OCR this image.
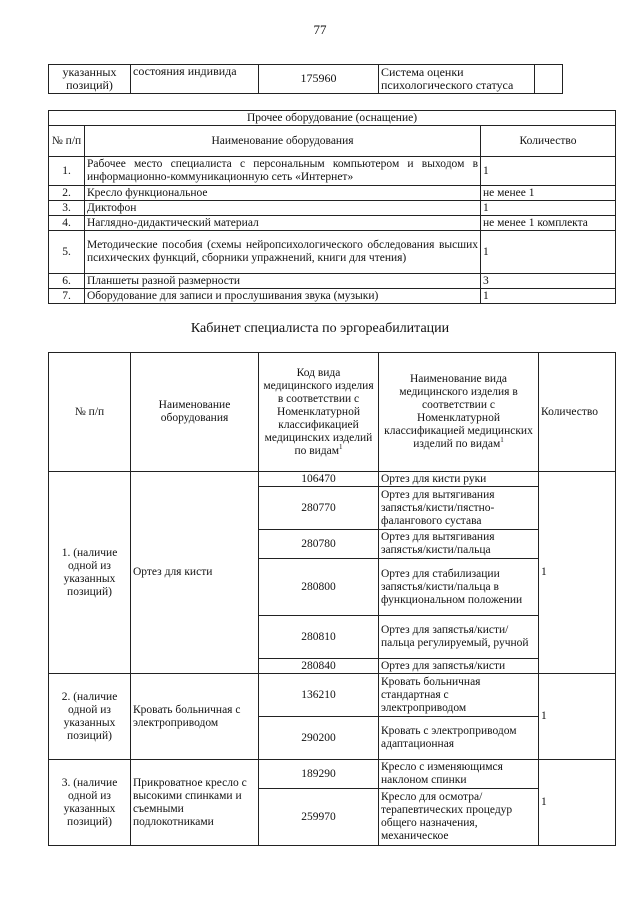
77
указанных позиций)	состояния индивида	175960	Система оценки психологического статуса	
Прочее оборудование (оснащение)		
№ п/п	Наименование оборудования	Количество
1.	Рабочее место специалиста с персональным компьютером и выходом в информационно-коммуникационную сеть «Интернет»	1
2.	Кресло функциональное	не менее 1
3.	Диктофон	1
4.	Наглядно-дидактический материал	не менее 1 комплекта
5.	Методические пособия (схемы нейропсихологического обследования высших психических функций, сборники упражнений, книги для чтения)	1
6.	Планшеты разной размерности	3
7.	Оборудование для записи и прослушивания звука (музыки)	1
Кабинет специалиста по эргореабилитации
№ п/п	Наименование оборудования	Код вида медицинского изделия в соответствии с Номенклатурной классификацией медицинских изделий по видам$^1$	Наименование вида медицинского изделия в соответствии с Номенклатурной классификацией медицинских изделий по видам$^1$	Количество
1. (наличие одной из указанных позиций)	Ортез для кисти	106470	Ортез для кисти руки	1
		280770	Ортез для вытягивания запястья/кисти/пястно-фалангового сустава	
		280780	Ортез для вытягивания запястья/кисти/пальца	
		280800	Ортез для стабилизации запястья/кисти/пальца в функциональном положении	
		280810	Ортез для запястья/кисти/пальца регулируемый, ручной	
		280840	Ортез для запястья/кисти	
2. (наличие одной из указанных позиций)	Кровать больничная с электроприводом	136210	Кровать больничная стандартная с электроприводом	1
		290200	Кровать с электроприводом адаптационная	
3. (наличие одной из указанных позиций)	Прикроватное кресло с высокими спинками и съемными подлокотниками	189290	Кресло с изменяющимся наклоном спинки	1
		259970	Кресло для осмотра/ терапевтических процедур общего назначения, механическое	
